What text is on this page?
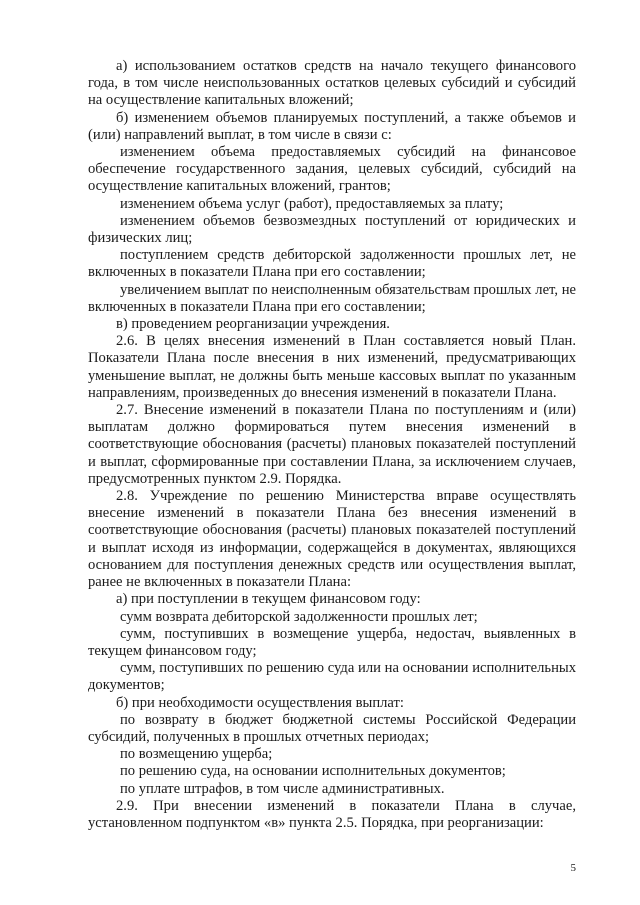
а) использованием остатков средств на начало текущего финансового года, в том числе неиспользованных остатков целевых субсидий и субсидий на осуществление капитальных вложений;

б) изменением объемов планируемых поступлений, а также объемов и (или) направлений выплат, в том числе в связи с:

изменением объема предоставляемых субсидий на финансовое обеспечение государственного задания, целевых субсидий, субсидий на осуществление капитальных вложений, грантов;

изменением объема услуг (работ), предоставляемых за плату;

изменением объемов безвозмездных поступлений от юридических и физических лиц;

поступлением средств дебиторской задолженности прошлых лет, не включенных в показатели Плана при его составлении;

увеличением выплат по неисполненным обязательствам прошлых лет, не включенных в показатели Плана при его составлении;

в) проведением реорганизации учреждения.

2.6. В целях внесения изменений в План составляется новый План. Показатели Плана после внесения в них изменений, предусматривающих уменьшение выплат, не должны быть меньше кассовых выплат по указанным направлениям, произведенных до внесения изменений в показатели Плана.

2.7. Внесение изменений в показатели Плана по поступлениям и (или) выплатам должно формироваться путем внесения изменений в соответствующие обоснования (расчеты) плановых показателей поступлений и выплат, сформированные при составлении Плана, за исключением случаев, предусмотренных пунктом 2.9. Порядка.

2.8. Учреждение по решению Министерства вправе осуществлять внесение изменений в показатели Плана без внесения изменений в соответствующие обоснования (расчеты) плановых показателей поступлений и выплат исходя из информации, содержащейся в документах, являющихся основанием для поступления денежных средств или осуществления выплат, ранее не включенных в показатели Плана:

а) при поступлении в текущем финансовом году:

сумм возврата дебиторской задолженности прошлых лет;

сумм, поступивших в возмещение ущерба, недостач, выявленных в текущем финансовом году;

сумм, поступивших по решению суда или на основании исполнительных документов;

б) при необходимости осуществления выплат:

по возврату в бюджет бюджетной системы Российской Федерации субсидий, полученных в прошлых отчетных периодах;

по возмещению ущерба;

по решению суда, на основании исполнительных документов;

по уплате штрафов, в том числе административных.

2.9. При внесении изменений в показатели Плана в случае, установленном подпунктом «в» пункта 2.5. Порядка, при реорганизации:

5
